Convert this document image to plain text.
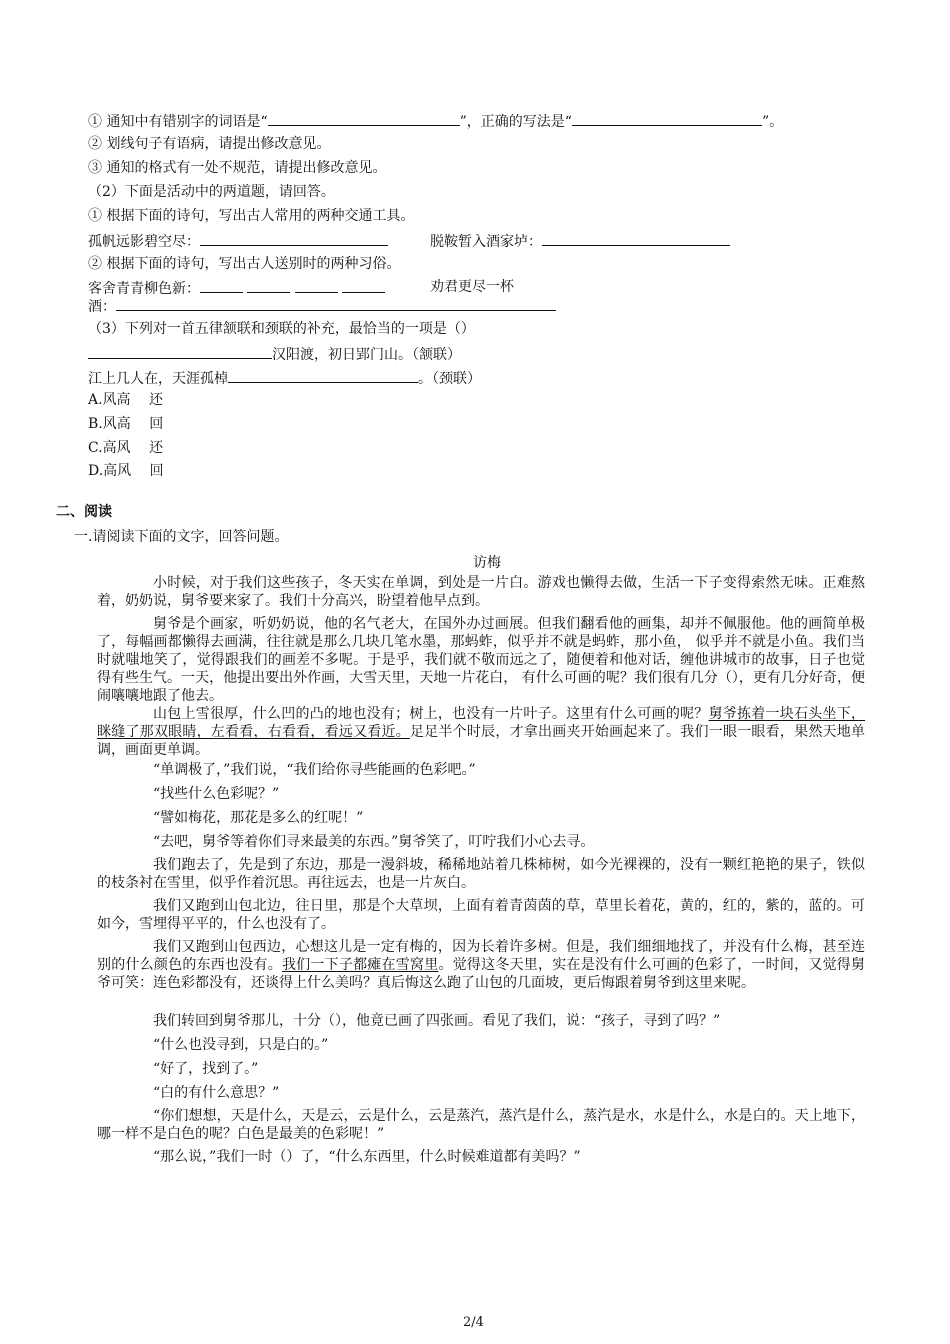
① 通知中有错别字的词语是“	”，正确的写法是“	”。
② 划线句子有语病，请提出修改意见。
③ 通知的格式有一处不规范，请提出修改意见。
（2）下面是活动中的两道题，请回答。
① 根据下面的诗句，写出古人常用的两种交通工具。
孤帆远影碧空尽：	脱鞍暂入酒家垆：
② 根据下面的诗句，写出古人送别时的两种习俗。
客舍青青柳色新：	劝君更尽一杯
酒：
（3）下列对一首五律颔联和颈联的补充，最恰当的一项是（）
汉阳渡，初日郢门山。（颔联）
江上几人在，天涯孤棹	。（颈联）
A.风高　 还
B.风高　 回
C.高风　 还
D.高风　 回
二、阅读
一.请阅读下面的文字，回答问题。
访梅
小时候，对于我们这些孩子，冬天实在单调，到处是一片白。游戏也懒得去做，生活一下子变得索然无味。正难熬着，奶奶说，舅爷要来家了。我们十分高兴，盼望着他早点到。
舅爷是个画家，听奶奶说，他的名气老大，在国外办过画展。但我们翻看他的画集，却并不佩服他。他的画简单极了，每幅画都懒得去画满，往往就是那么几块几笔水墨，那蚂蚱，似乎并不就是蚂蚱，那小鱼， 似乎并不就是小鱼。我们当时就嗤地笑了，觉得跟我们的画差不多呢。于是乎，我们就不敬而远之了，随便着和他对话，缠他讲城市的故事，日子也觉得有些生气。一天，他提出要出外作画，大雪天里，天地一片花白， 有什么可画的呢？我们很有几分（），更有几分好奇，便闹嚷嚷地跟了他去。
山包上雪很厚，什么凹的凸的地也没有；树上，也没有一片叶子。这里有什么可画的呢？舅爷拣着一块石头坐下，眯缝了那双眼睛，左看看，右看看，看远又看近。足足半个时辰，才拿出画夹开始画起来了。我们一眼一眼看，果然天地单调，画面更单调。
“单调极了，”我们说，“我们给你寻些能画的色彩吧。”
“找些什么色彩呢？”
“譬如梅花，那花是多么的红呢！”
“去吧，舅爷等着你们寻来最美的东西。”舅爷笑了，叮咛我们小心去寻。
我们跑去了，先是到了东边，那是一漫斜坡，稀稀地站着几株柿树，如今光裸裸的，没有一颗红艳艳的果子，铁似的枝条衬在雪里，似乎作着沉思。再往远去，也是一片灰白。
我们又跑到山包北边，往日里，那是个大草坝，上面有着青茵茵的草，草里长着花，黄的，红的，紫的，蓝的。可如今，雪埋得平平的，什么也没有了。
我们又跑到山包西边，心想这儿是一定有梅的，因为长着许多树。但是，我们细细地找了，并没有什么梅，甚至连别的什么颜色的东西也没有。我们一下子都瘫在雪窝里。觉得这冬天里，实在是没有什么可画的色彩了，一时间，又觉得舅爷可笑：连色彩都没有，还谈得上什么美吗？真后悔这么跑了山包的几面坡，更后悔跟着舅爷到这里来呢。
我们转回到舅爷那儿，十分（），他竟已画了四张画。看见了我们，说：“孩子，寻到了吗？”
“什么也没寻到，只是白的。”
“好了，找到了。”
“白的有什么意思？”
“你们想想，天是什么，天是云，云是什么，云是蒸汽，蒸汽是什么，蒸汽是水，水是什么，水是白的。天上地下，哪一样不是白色的呢？白色是最美的色彩呢！”
“那么说，”我们一时（）了，“什么东西里，什么时候难道都有美吗？”
2/4
